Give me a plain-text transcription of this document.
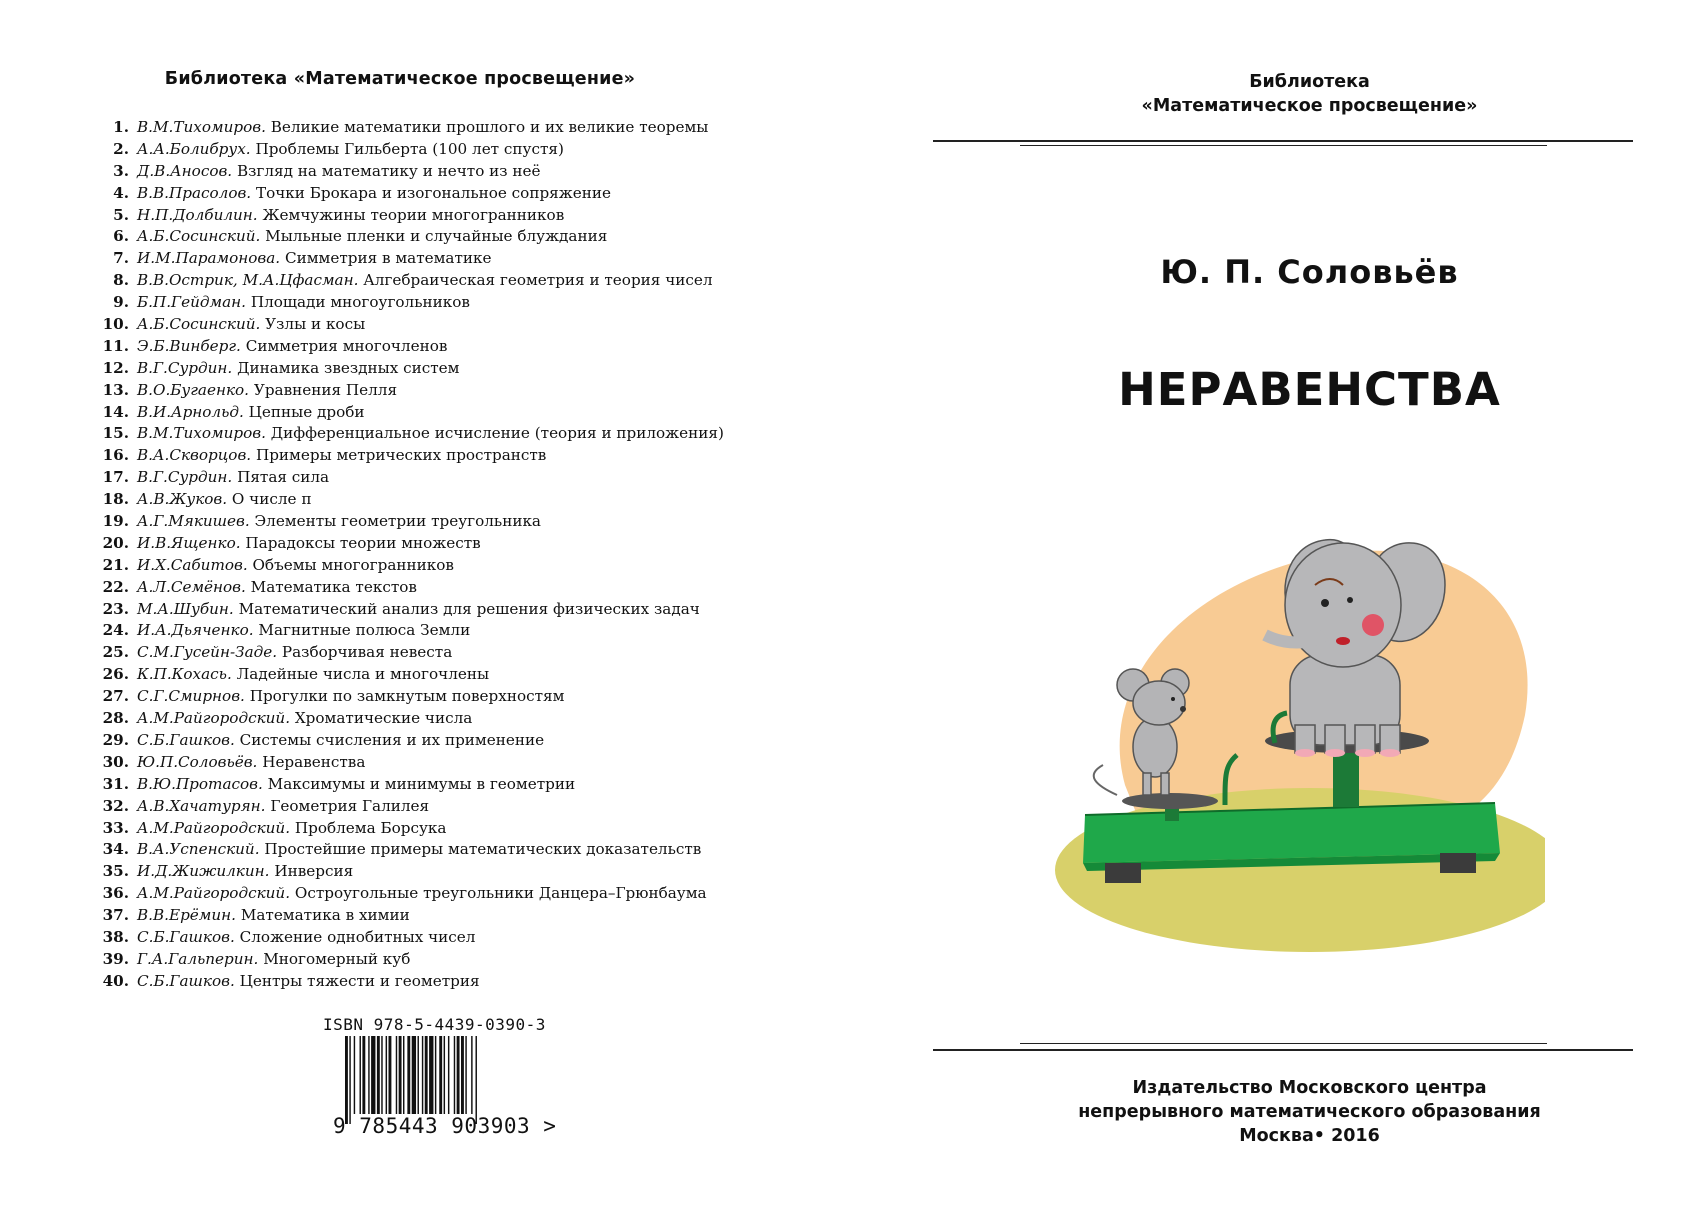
Библиотека «Математическое просвещение»
1. В.М.Тихомиров.
Великие математики прошлого и их великие теоремы
2. А.А.Болибрух.
Проблемы Гильберта (100 лет спустя)
3. Д.В.Аносов.
Взгляд на математику и нечто из неё
4. В.В.Прасолов.
Точки Брокара и изогональное сопряжение
5. Н.П.Долбилин.
Жемчужины теории многогранников
6. А.Б.Сосинский.
Мыльные пленки и случайные блуждания
7. И.М.Парамонова.
Симметрия в математике
8. В.В.Острик, М.А.Цфасман.
Алгебраическая геометрия и теория чисел
9. Б.П.Гейдман.
Площади многоугольников
10. А.Б.Сосинский.
Узлы и косы
11. Э.Б.Винберг.
Симметрия многочленов
12. В.Г.Сурдин.
Динамика звездных систем
13. В.О.Бугаенко.
Уравнения Пелля
14. В.И.Арнольд.
Цепные дроби
15. В.М.Тихомиров.
Дифференциальное исчисление (теория и приложения)
16. В.А.Скворцов.
Примеры метрических пространств
17. В.Г.Сурдин.
Пятая сила
18. А.В.Жуков.
О числе π
19. А.Г.Мякишев.
Элементы геометрии треугольника
20. И.В.Ященко.
Парадоксы теории множеств
21. И.Х.Сабитов.
Объемы многогранников
22. А.Л.Семёнов.
Математика текстов
23. М.А.Шубин.
Математический анализ для решения физических задач
24. И.А.Дьяченко.
Магнитные полюса Земли
25. С.М.Гусейн-Заде.
Разборчивая невеста
26. К.П.Кохась.
Ладейные числа и многочлены
27. С.Г.Смирнов.
Прогулки по замкнутым поверхностям
28. А.М.Райгородский.
Хроматические числа
29. С.Б.Гашков.
Системы счисления и их применение
30. Ю.П.Соловьёв.
Неравенства
31. В.Ю.Протасов.
Максимумы и минимумы в геометрии
32. А.В.Хачатурян.
Геометрия Галилея
33. А.М.Райгородский.
Проблема Борсука
34. В.А.Успенский.
Простейшие примеры математических доказательств
35. И.Д.Жижилкин.
Инверсия
36. А.М.Райгородский.
Остроугольные треугольники Данцера–Грюнбаума
37. В.В.Ерёмин.
Математика в химии
38. С.Б.Гашков.
Сложение однобитных чисел
39. Г.А.Гальперин.
Многомерный куб
40. С.Б.Гашков.
Центры тяжести и геометрия
ISBN 978-5-4439-0390-3
9 785443 903903 >
Библиотека
«Математическое просвещение»
Ю. П. Соловьёв
НЕРАВЕНСТВА
Издательство Московского центра
непрерывного математического образования
Москва• 2016
